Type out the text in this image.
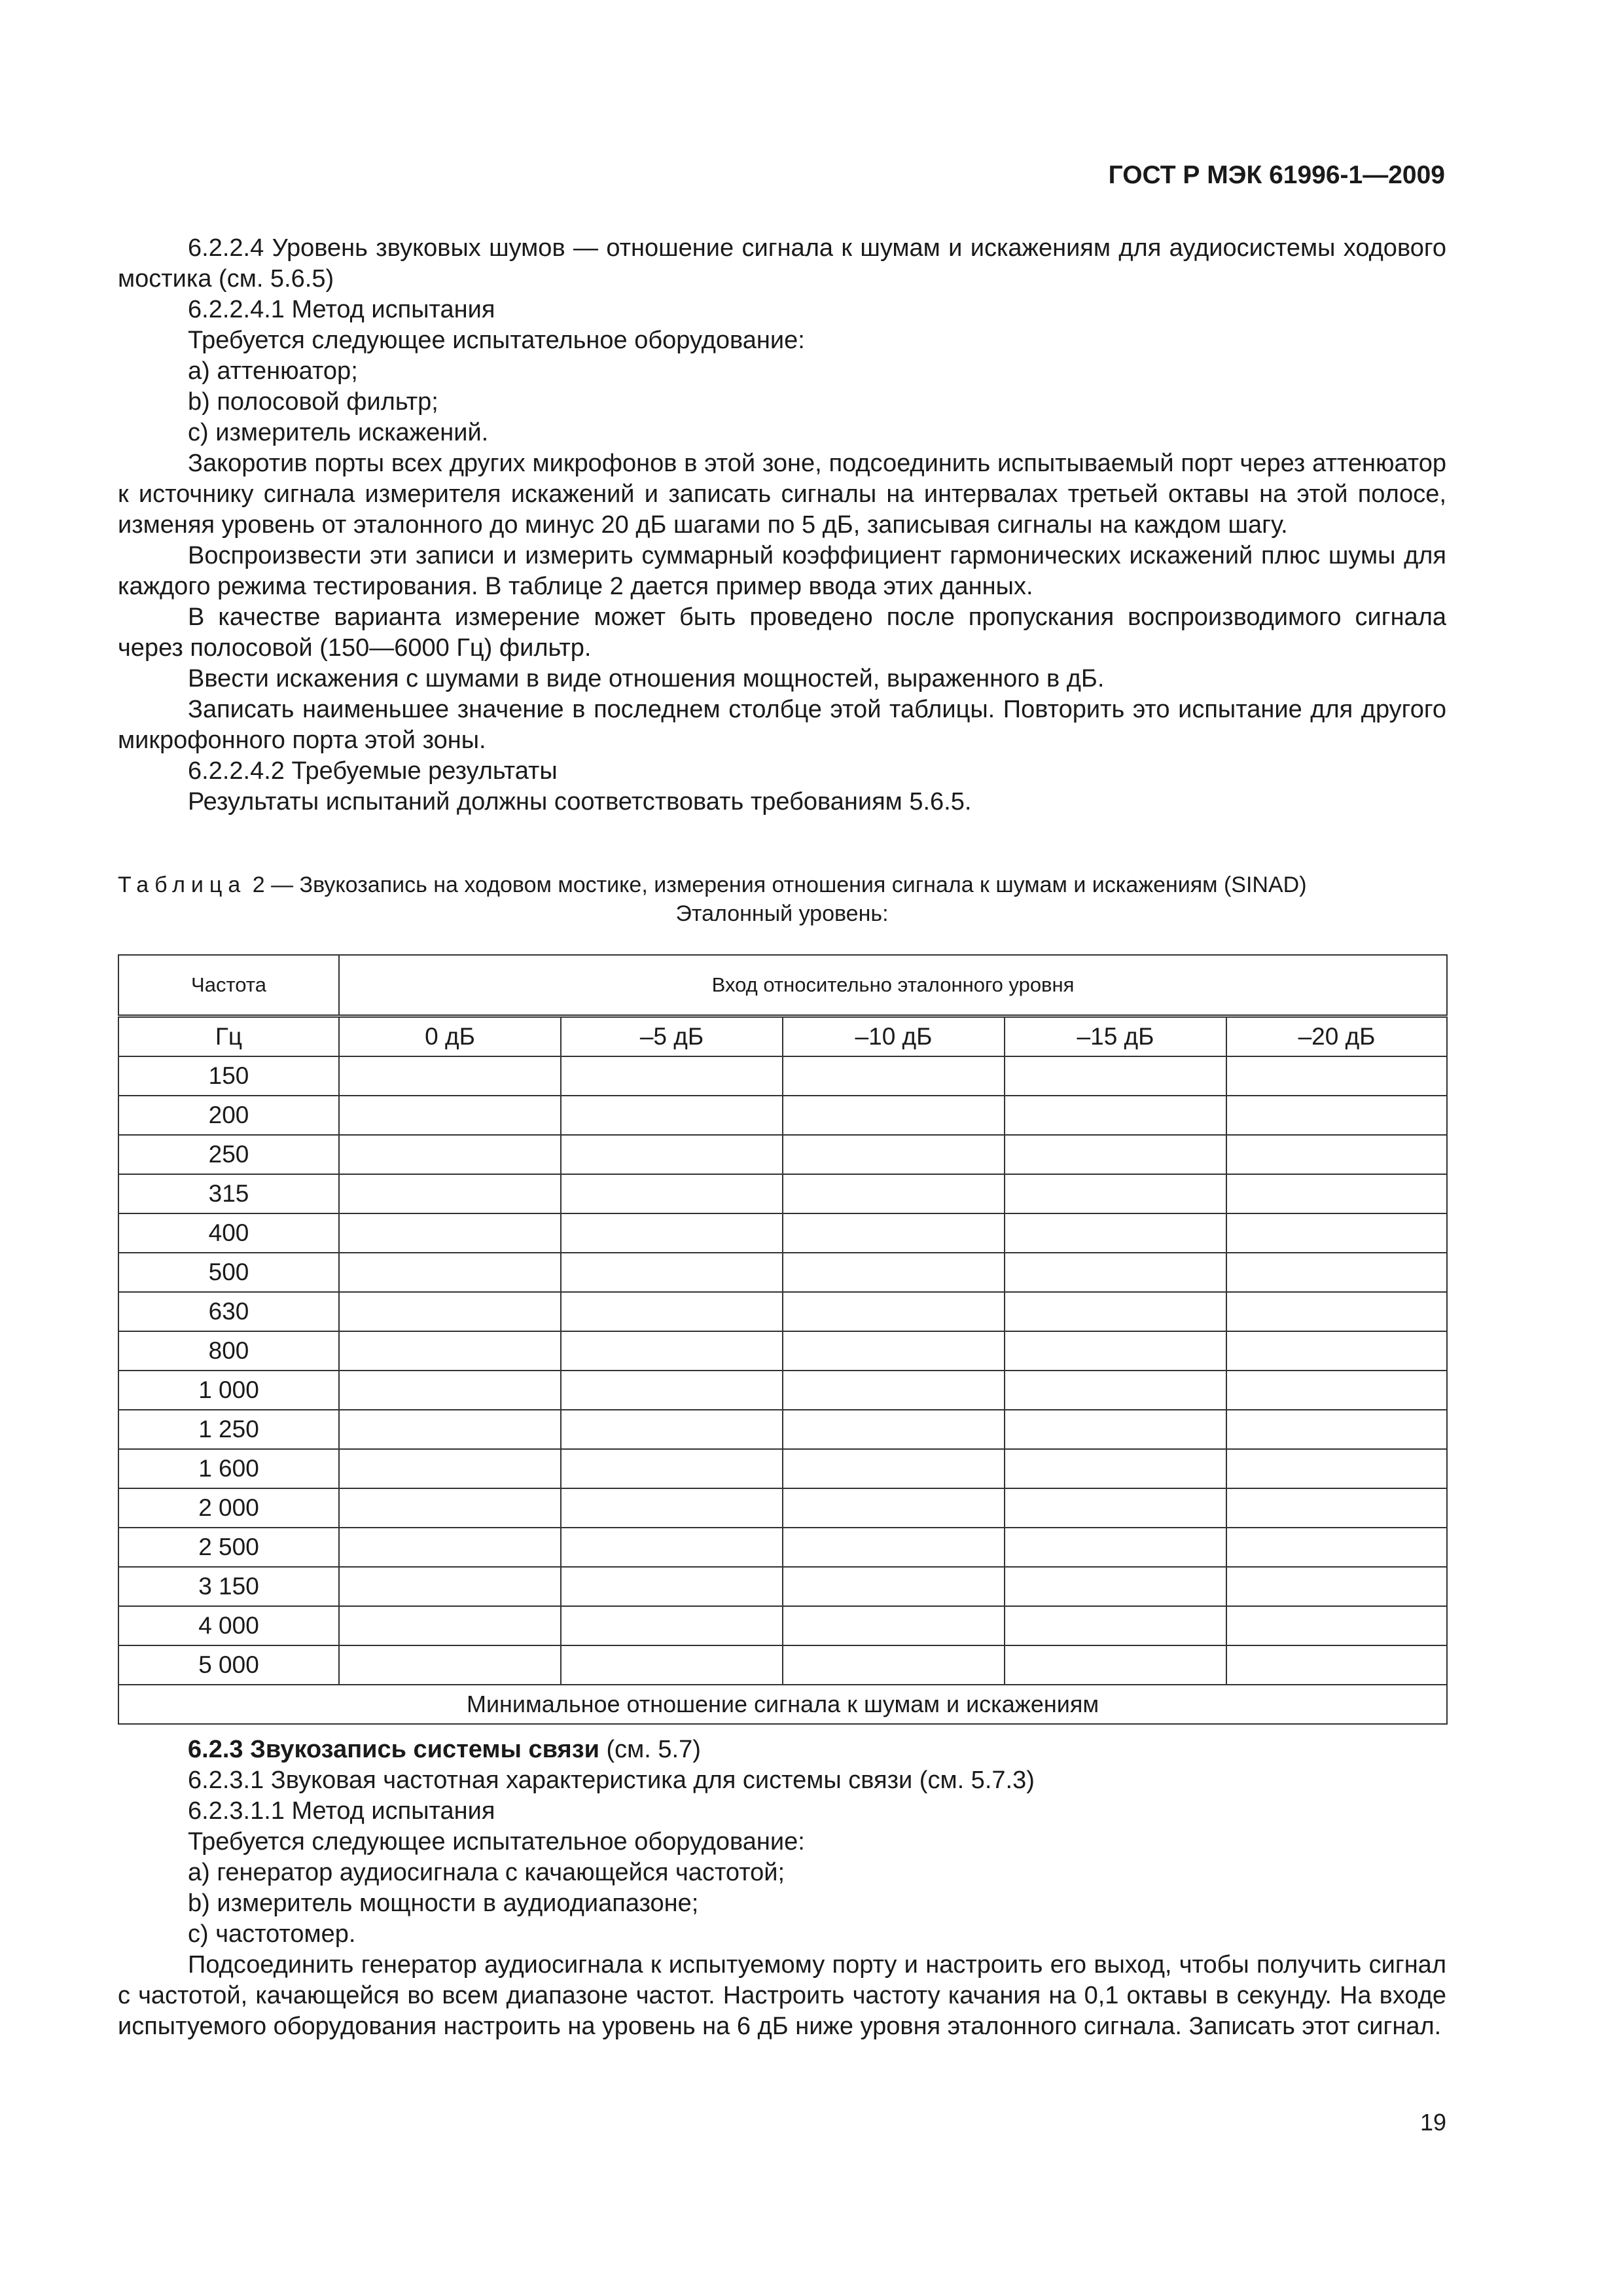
ГОСТ Р МЭК 61996-1—2009

6.2.2.4 Уровень звуковых шумов — отношение сигнала к шумам и искажениям для аудиосистемы ходового мостика (см. 5.6.5)

6.2.2.4.1 Метод испытания

Требуется следующее испытательное оборудование:

a) аттенюатор;

b) полосовой фильтр;

c) измеритель искажений.

Закоротив порты всех других микрофонов в этой зоне, подсоединить испытываемый порт через аттенюатор к источнику сигнала измерителя искажений и записать сигналы на интервалах третьей октавы на этой полосе, изменяя уровень от эталонного до минус 20 дБ шагами по 5 дБ, записывая сигналы на каждом шагу.

Воспроизвести эти записи и измерить суммарный коэффициент гармонических искажений плюс шумы для каждого режима тестирования. В таблице 2 дается пример ввода этих данных.

В качестве варианта измерение может быть проведено после пропускания воспроизводимого сигнала через полосовой (150—6000 Гц) фильтр.

Ввести искажения с шумами в виде отношения мощностей, выраженного в дБ.

Записать наименьшее значение в последнем столбце этой таблицы. Повторить это испытание для другого микрофонного порта этой зоны.

6.2.2.4.2 Требуемые результаты

Результаты испытаний должны соответствовать требованиям 5.6.5.

Таблица 2 — Звукозапись на ходовом мостике, измерения отношения сигнала к шумам и искажениям (SINAD)
Эталонный уровень:
Частота	Вход относительно эталонного уровня				
Гц	0 дБ	–5 дБ	–10 дБ	–15 дБ	–20 дБ
150					
200					
250					
315					
400					
500					
630					
800					
1 000					
1 250					
1 600					
2 000					
2 500					
3 150					
4 000					
5 000					
Минимальное отношение сигнала к шумам и искажениям					

6.2.3 Звукозапись системы связи (см. 5.7)

6.2.3.1 Звуковая частотная характеристика для системы связи (см. 5.7.3)

6.2.3.1.1 Метод испытания

Требуется следующее испытательное оборудование:

a) генератор аудиосигнала с качающейся частотой;

b) измеритель мощности в аудиодиапазоне;

c) частотомер.

Подсоединить генератор аудиосигнала к испытуемому порту и настроить его выход, чтобы получить сигнал с частотой, качающейся во всем диапазоне частот. Настроить частоту качания на 0,1 октавы в секунду. На входе испытуемого оборудования настроить на уровень на 6 дБ ниже уровня эталонного сигнала. Записать этот сигнал.

19
